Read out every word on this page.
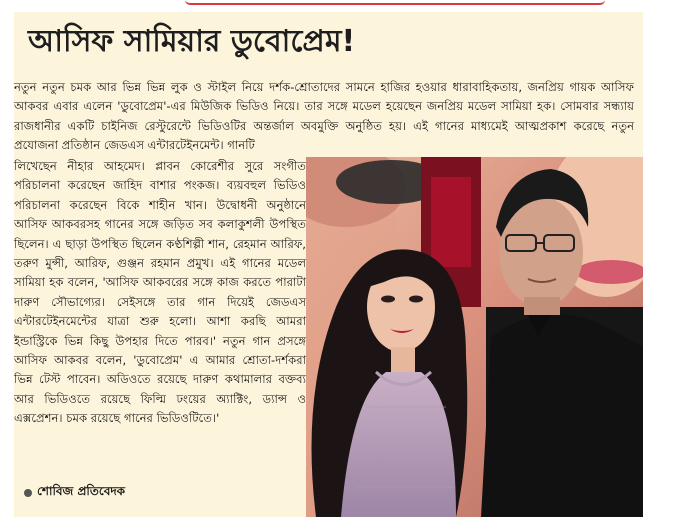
আসিফ সামিয়ার ডুবোপ্রেম!

নতুন নতুন চমক আর ভিন্ন ভিন্ন লুক ও স্টাইল নিয়ে দর্শক-শ্রোতাদের সামনে হাজির হওয়ার ধারাবাহিকতায়, জনপ্রিয় গায়ক আসিফ আকবর এবার এলেন 'ডুবোপ্রেম'-এর মিউজিক ভিডিও নিয়ে। তার সঙ্গে মডেল হয়েছেন জনপ্রিয় মডেল সামিয়া হক। সোমবার সন্ধ্যায় রাজধানীর একটি চাইনিজ রেস্টুরেন্টে ভিডিওটির অন্তর্জাল অবমুক্তি অনুষ্ঠিত হয়। এই গানের মাধ্যমেই আত্মপ্রকাশ করেছে নতুন প্রযোজনা প্রতিষ্ঠান জেডএস এন্টারটেইনমেন্ট। গানটি

লিখেছেন নীহার আহমেদ। প্লাবন কোরেশীর সুরে সংগীত পরিচালনা করেছেন জাহিদ বাশার পংকজ। ব্যয়বহুল ভিডিও পরিচালনা করেছেন বিকে শাহীন খান। উদ্বোধনী অনুষ্ঠানে আসিফ আকবরসহ গানের সঙ্গে জড়িত সব কলাকুশলী উপস্থিত ছিলেন। এ ছাড়া উপস্থিত ছিলেন কণ্ঠশিল্পী শান, রেহমান আরিফ, তরুণ মুন্সী, আরিফ, গুঞ্জন রহমান প্রমুখ। এই গানের মডেল সামিয়া হক বলেন, 'আসিফ আকবরের সঙ্গে কাজ করতে পারাটা দারুণ সৌভাগ্যের। সেইসঙ্গে তার গান দিয়েই জেডএস এন্টারটেইনমেন্টের যাত্রা শুরু হলো। আশা করছি আমরা ইন্ডাস্ট্রিকে ভিন্ন কিছু উপহার দিতে পারব।' নতুন গান প্রসঙ্গে আসিফ আকবর বলেন, 'ডুবোপ্রেম' এ আমার শ্রোতা-দর্শকরা ভিন্ন টেস্ট পাবেন। অডিওতে রয়েছে দারুণ কথামালার বক্তব্য আর ভিডিওতে রয়েছে ফিল্মি ঢংয়ের অ্যাক্টিং, ড্যান্স ও এক্সপ্রেশন। চমক রয়েছে গানের ভিডিওটিতে।'

শোবিজ প্রতিবেদক
